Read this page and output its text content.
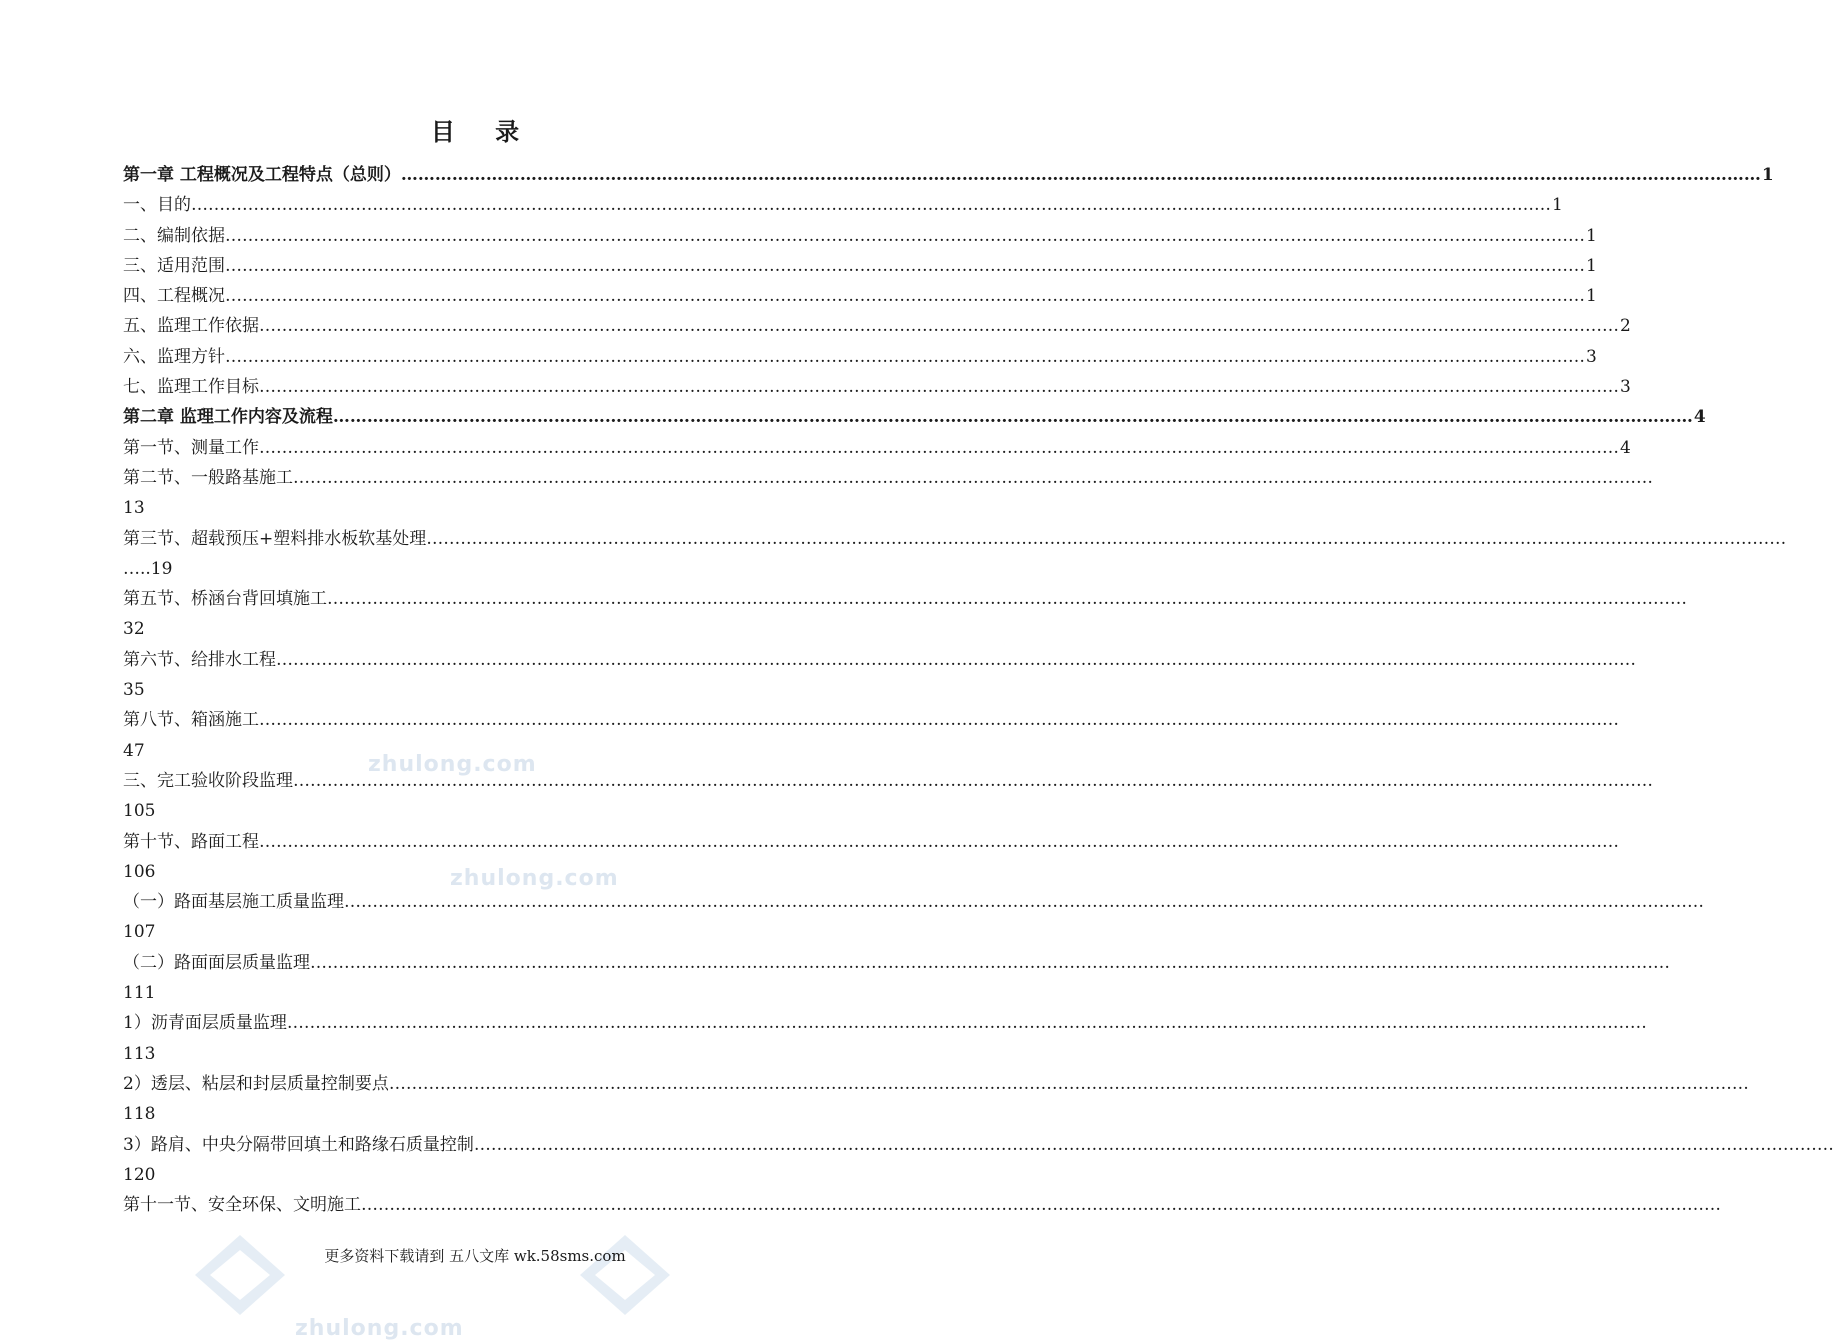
目 录
第一章 工程概况及工程特点（总则） …………………………………………………………………………………………………………………………………………………………………………………………………………………… 1
一、目的 …………………………………………………………………………………………………………………………………………………………………………………………………………………… 1
二、编制依据 …………………………………………………………………………………………………………………………………………………………………………………………………………………… 1
三、适用范围 …………………………………………………………………………………………………………………………………………………………………………………………………………………… 1
四、工程概况 …………………………………………………………………………………………………………………………………………………………………………………………………………………… 1
五、监理工作依据 …………………………………………………………………………………………………………………………………………………………………………………………………………………… 2
六、监理方针 …………………………………………………………………………………………………………………………………………………………………………………………………………………… 3
七、监理工作目标 …………………………………………………………………………………………………………………………………………………………………………………………………………………… 3
第二章 监理工作内容及流程 …………………………………………………………………………………………………………………………………………………………………………………………………………………… 4
第一节、测量工作 …………………………………………………………………………………………………………………………………………………………………………………………………………………… 4
第二节、一般路基施工 ……………………………………………………………………………………………………………………………………………………………………………………………………………………
13
第三节、超载预压+塑料排水板软基处理 ……………………………………………………………………………………………………………………………………………………………………………………………………………………
…..19
第五节、桥涵台背回填施工 ……………………………………………………………………………………………………………………………………………………………………………………………………………………
32
第六节、给排水工程 ……………………………………………………………………………………………………………………………………………………………………………………………………………………
35
第八节、箱涵施工 ……………………………………………………………………………………………………………………………………………………………………………………………………………………
47
三、完工验收阶段监理 ……………………………………………………………………………………………………………………………………………………………………………………………………………………
105
第十节、路面工程 ……………………………………………………………………………………………………………………………………………………………………………………………………………………
106
（一）路面基层施工质量监理 ……………………………………………………………………………………………………………………………………………………………………………………………………………………
107
（二）路面面层质量监理 ……………………………………………………………………………………………………………………………………………………………………………………………………………………
111
1）沥青面层质量监理 ……………………………………………………………………………………………………………………………………………………………………………………………………………………
113
2）透层、粘层和封层质量控制要点 ……………………………………………………………………………………………………………………………………………………………………………………………………………………
118
3）路肩、中央分隔带回填土和路缘石质量控制 ……………………………………………………………………………………………………………………………………………………………………………………………………………………
120
第十一节、安全环保、文明施工 ……………………………………………………………………………………………………………………………………………………………………………………………………………………
zhulong.com
zhulong.com
zhulong.com
更多资料下载请到 五八文库 wk.58sms.com
